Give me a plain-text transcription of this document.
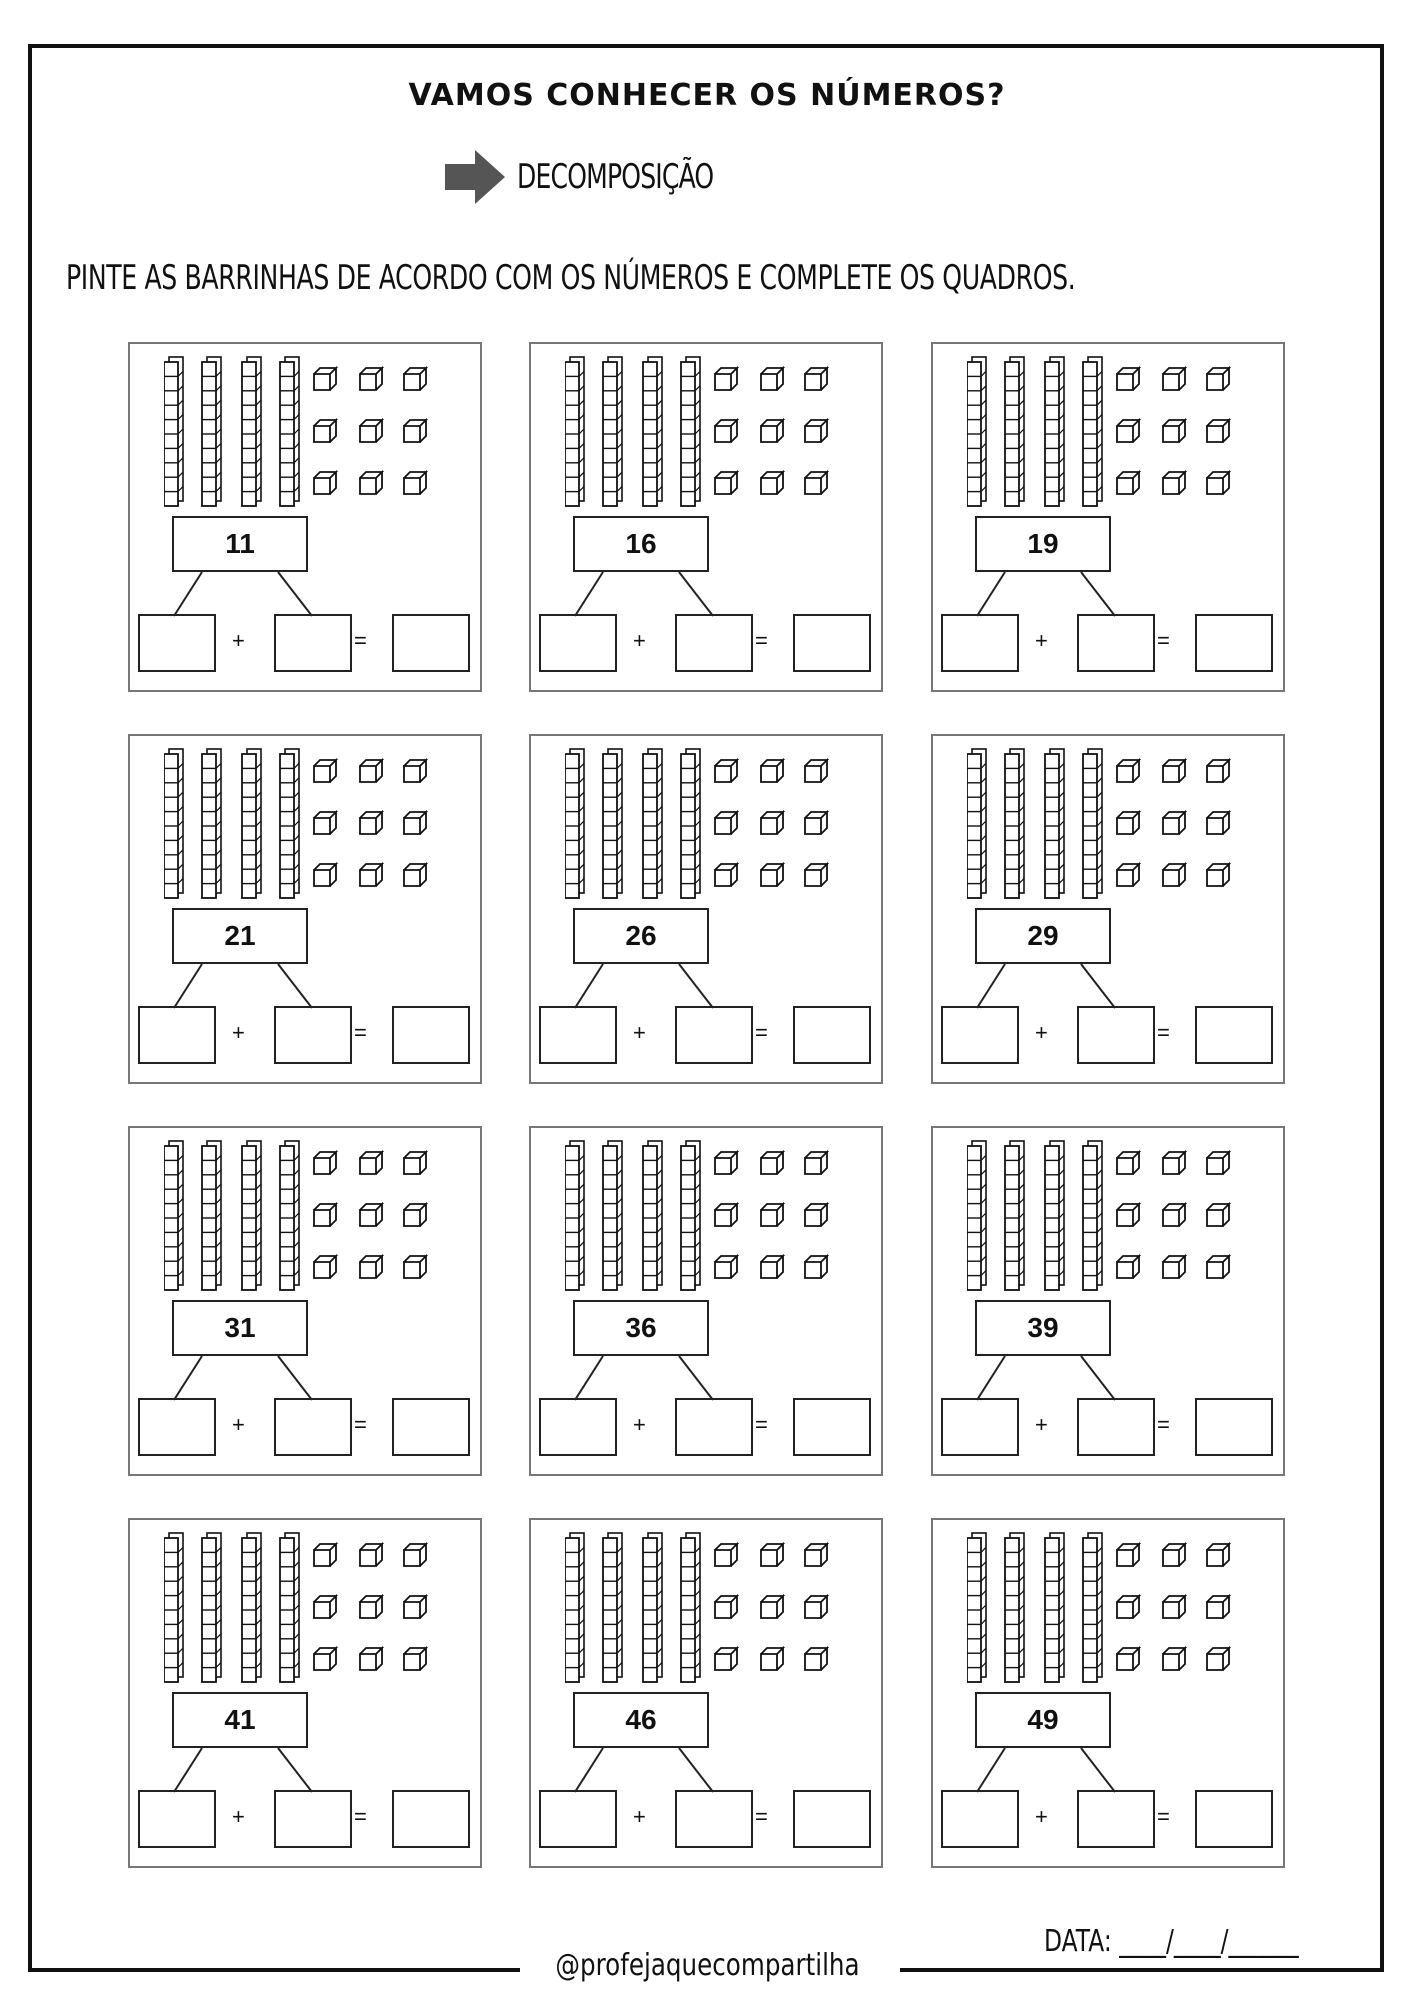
VAMOS CONHECER OS NÚMEROS?
DECOMPOSIÇÃO
PINTE AS BARRINHAS DE ACORDO COM OS NÚMEROS E COMPLETE OS QUADROS.
11
+	=
16
+	=
19
+	=
21
+	=
26
+	=
29
+	=
31
+	=
36
+	=
39
+	=
41
+	=
46
+	=
49
+	=
DATA: ____/____/______
@profejaquecompartilha
